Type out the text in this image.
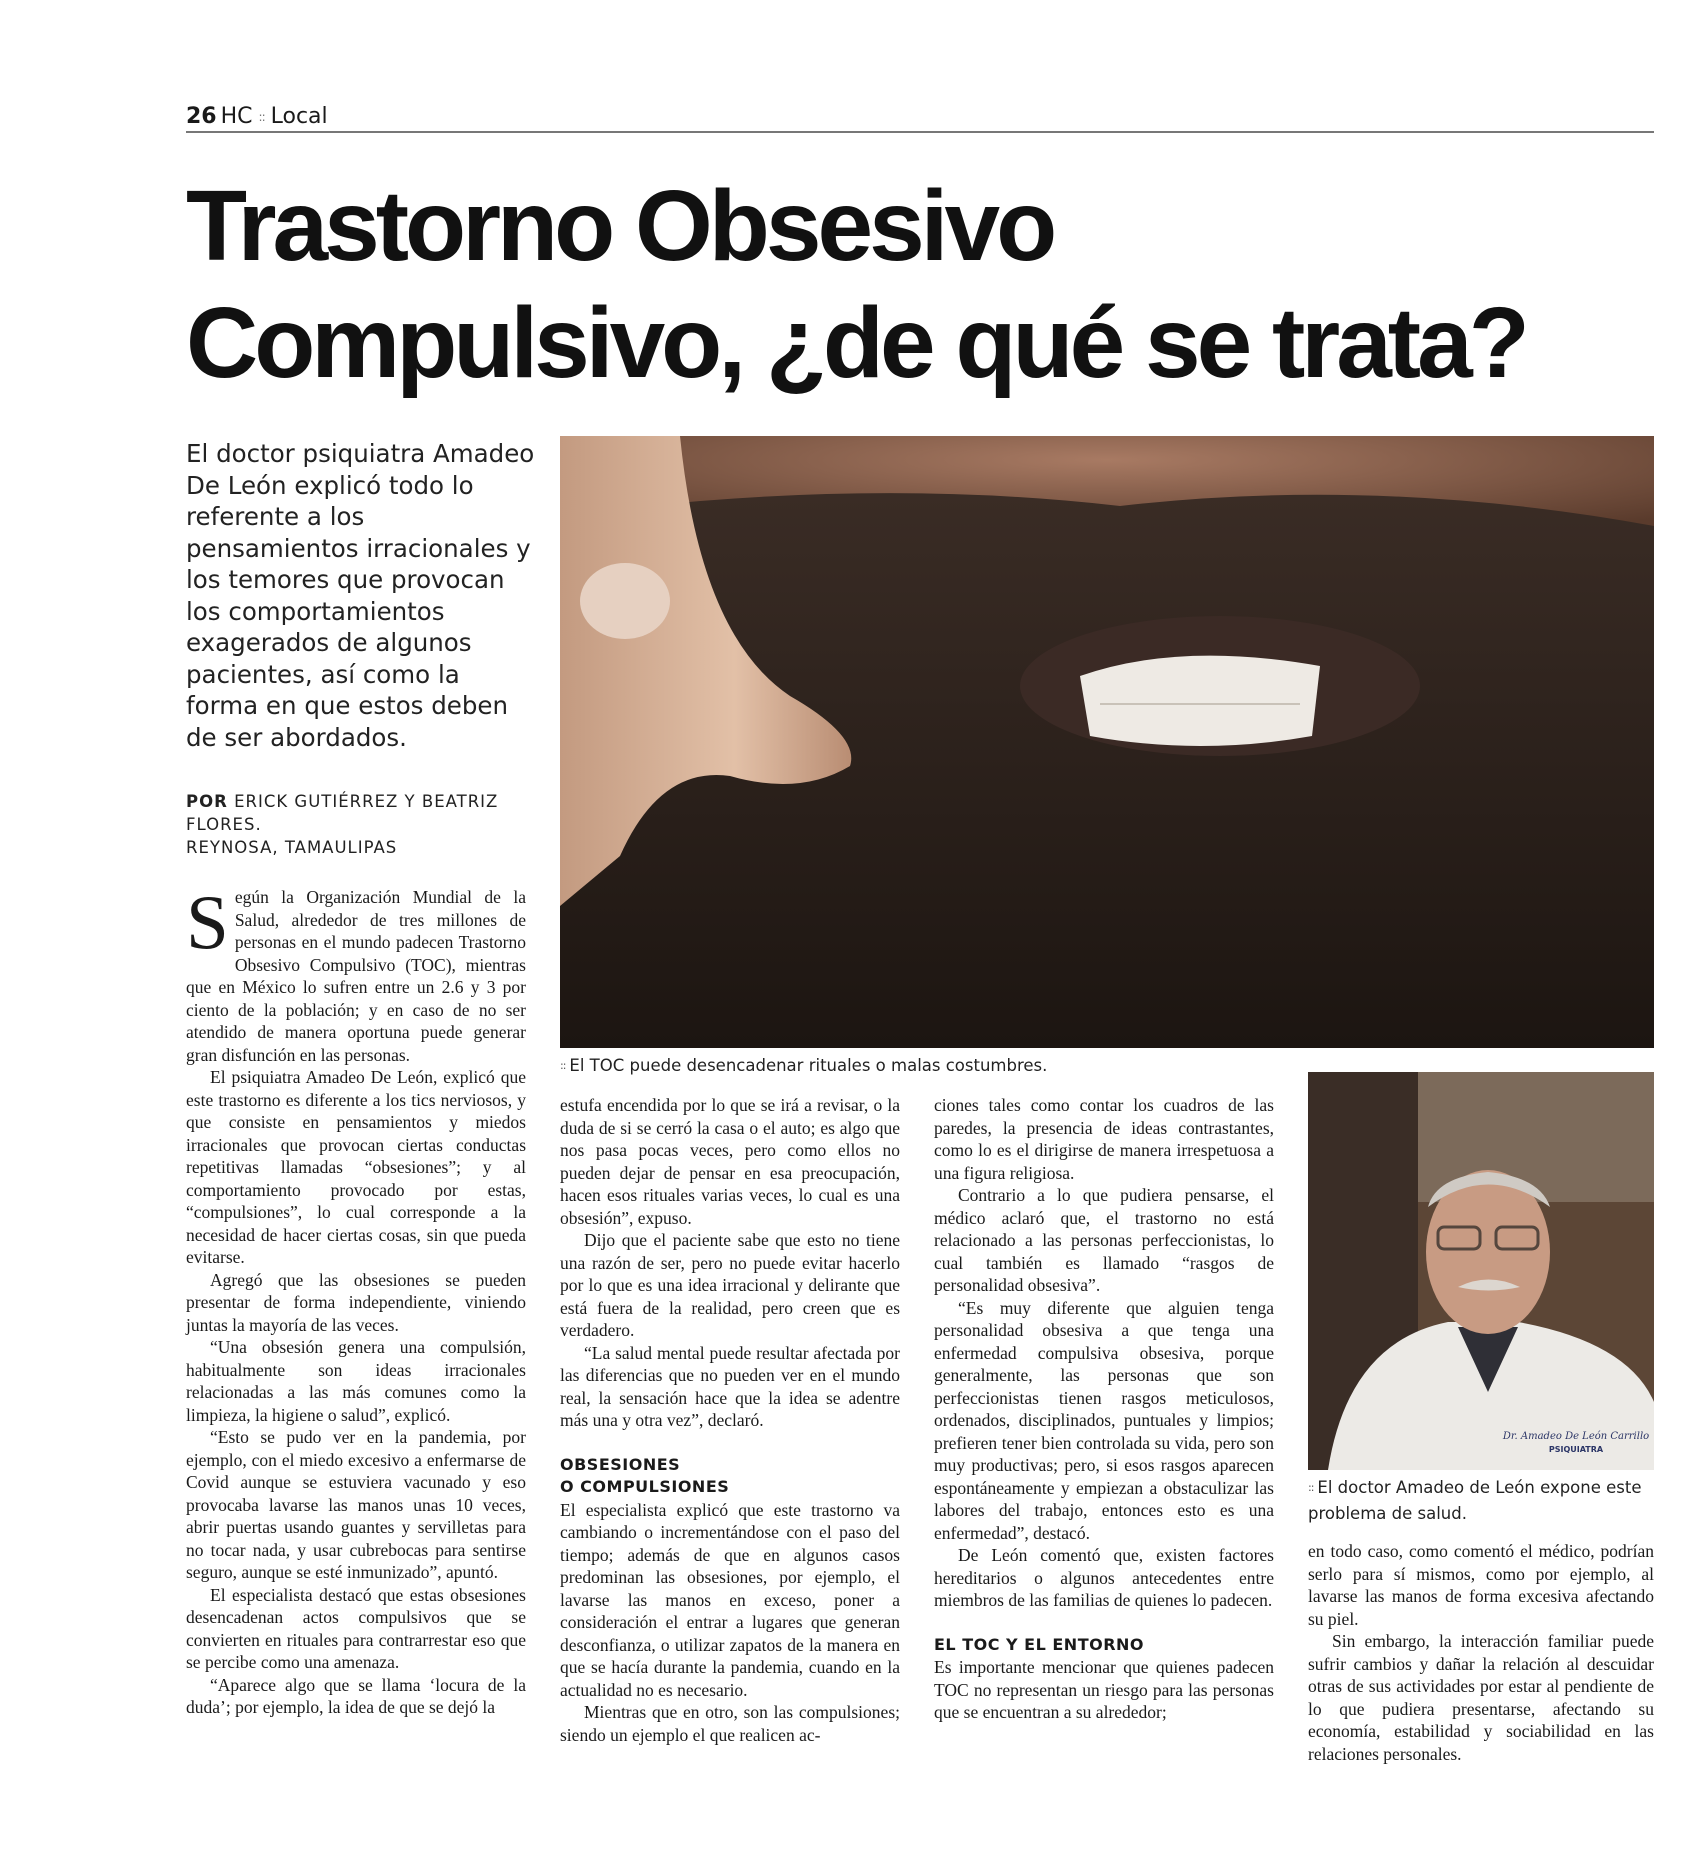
26 HC :: Local
Trastorno Obsesivo
Compulsivo, ¿de qué se trata?

El doctor psiquiatra Amadeo De León explicó todo lo referente a los pensamientos irracionales y los temores que provocan los comportamientos exagerados de algunos pacientes, así como la forma en que estos deben de ser abordados.

POR ERICK GUTIÉRREZ Y BEATRIZ FLORES.
REYNOSA, TAMAULIPAS
:: El TOC puede desencadenar rituales o malas costumbres.
Dr. Amadeo De León Carrillo
PSIQUIATRA
:: El doctor Amadeo de León expone este problema de salud.

Según la Organización Mundial de la Salud, alrededor de tres millones de personas en el mundo padecen Trastorno Obsesivo Compulsivo (TOC), mientras que en México lo sufren entre un 2.6 y 3 por ciento de la población; y en caso de no ser atendido de manera oportuna puede generar gran disfunción en las personas.

El psiquiatra Amadeo De León, explicó que este trastorno es diferente a los tics nerviosos, y que consiste en pensamientos y miedos irracionales que provocan ciertas conductas repetitivas llamadas “obsesiones”; y al comportamiento provocado por estas, “compulsiones”, lo cual corresponde a la necesidad de hacer ciertas cosas, sin que pueda evitarse.

Agregó que las obsesiones se pueden presentar de forma independiente, viniendo juntas la mayoría de las veces.

“Una obsesión genera una compulsión, habitualmente son ideas irracionales relacionadas a las más comunes como la limpieza, la higiene o salud”, explicó.

“Esto se pudo ver en la pandemia, por ejemplo, con el miedo excesivo a enfermarse de Covid aunque se estuviera vacunado y eso provocaba lavarse las manos unas 10 veces, abrir puertas usando guantes y servilletas para no tocar nada, y usar cubrebocas para sentirse seguro, aunque se esté inmunizado”, apuntó.

El especialista destacó que estas obsesiones desencadenan actos compulsivos que se convierten en rituales para contrarrestar eso que se percibe como una amenaza.

“Aparece algo que se llama ‘locura de la duda’; por ejemplo, la idea de que se dejó la

estufa encendida por lo que se irá a revisar, o la duda de si se cerró la casa o el auto; es algo que nos pasa pocas veces, pero como ellos no pueden dejar de pensar en esa preocupación, hacen esos rituales varias veces, lo cual es una obsesión”, expuso.

Dijo que el paciente sabe que esto no tiene una razón de ser, pero no puede evitar hacerlo por lo que es una idea irracional y delirante que está fuera de la realidad, pero creen que es verdadero.

“La salud mental puede resultar afectada por las diferencias que no pueden ver en el mundo real, la sensación hace que la idea se adentre más una y otra vez”, declaró.

OBSESIONES
O COMPULSIONES

El especialista explicó que este trastorno va cambiando o incrementándose con el paso del tiempo; además de que en algunos casos predominan las obsesiones, por ejemplo, el lavarse las manos en exceso, poner a consideración el entrar a lugares que generan desconfianza, o utilizar zapatos de la manera en que se hacía durante la pandemia, cuando en la actualidad no es necesario.

Mientras que en otro, son las compulsiones; siendo un ejemplo el que realicen ac-

ciones tales como contar los cuadros de las paredes, la presencia de ideas contrastantes, como lo es el dirigirse de manera irrespetuosa a una figura religiosa.

Contrario a lo que pudiera pensarse, el médico aclaró que, el trastorno no está relacionado a las personas perfeccionistas, lo cual también es llamado “rasgos de personalidad obsesiva”.

“Es muy diferente que alguien tenga personalidad obsesiva a que tenga una enfermedad compulsiva obsesiva, porque generalmente, las personas que son perfeccionistas tienen rasgos meticulosos, ordenados, disciplinados, puntuales y limpios; prefieren tener bien controlada su vida, pero son muy productivas; pero, si esos rasgos aparecen espontáneamente y empiezan a obstaculizar las labores del trabajo, entonces esto es una enfermedad”, destacó.

De León comentó que, existen factores hereditarios o algunos antecedentes entre miembros de las familias de quienes lo padecen.

EL TOC Y EL ENTORNO

Es importante mencionar que quienes padecen TOC no representan un riesgo para las personas que se encuentran a su alrededor;

en todo caso, como comentó el médico, podrían serlo para sí mismos, como por ejemplo, al lavarse las manos de forma excesiva afectando su piel.

Sin embargo, la interacción familiar puede sufrir cambios y dañar la relación al descuidar otras de sus actividades por estar al pendiente de lo que pudiera presentarse, afectando su economía, estabilidad y sociabilidad en las relaciones personales.
